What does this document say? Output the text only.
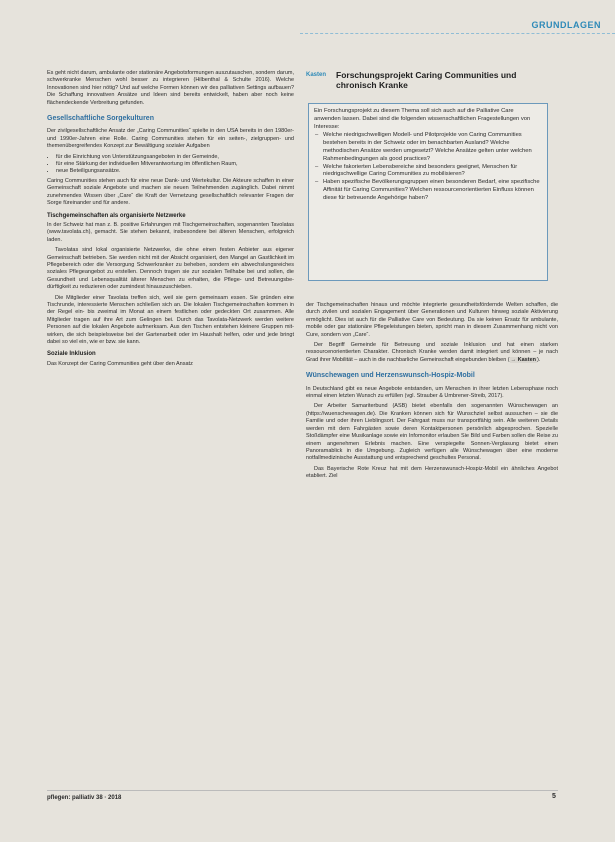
GRUNDLAGEN

Es geht nicht darum, ambulante oder stationäre Angebotsformungen auszutauschen, sondern darum, schwerkranke Menschen wohl besser zu integrieren (Hilbenthal & Schulte 2016). Welche Innovationen sind hier nötig? Und auf welche Formen können wir des palliativen Settings aufbauen? Die Schaffung innovativen Ansätze und Ideen sind bereits entwickelt, haben aber noch keine flächendeckende Verbreitung gefunden.

Gesellschaftliche Sorgekulturen

Der zivilgesellschaftliche Ansatz der „Caring Communities“ spielte in den USA bereits in den 1980er- und 1990er-Jahren eine Rolle. Caring Communities stehen für ein seiten-, zielgruppen- und themenübergreifendes Konzept zur Bewältigung sozialer Aufgaben

• für die Einrichtung von Unterstützungsangeboten in der Gemeinde,
• für eine Stärkung der individuellen Mitverantwortung im öffentlichen Raum,
• neue Beteiligungsansätze.

Caring Communities stehen auch für eine neue Dank- und Wertekultur. Die Akteure schaffen in einer Gemeinschaft soziale Angebote und machen sie neuen Teilnehmenden zugänglich. Dabei nimmt zunehmendes Wissen über „Care“ die Kraft der Vernetzung gesellschaftlich relevanter Fragen der Sorge füreinander und für andere.

Tischgemeinschaften als organisierte Netzwerke

In der Schweiz hat man z. B. positive Erfahrungen mit Tischgemeinschaften, sogenannten Tavolatas (www.tavolata.ch), gemacht. Sie stehen bekannt, insbesondere bei älteren Menschen, erfolgreich laden.

Tavolatas sind lokal organisierte Netzwerke, die ohne einen festen Anbieter aus eigener Gemeinschaft betrieben. Sie werden nicht mit der Absicht organisiert, den Mangel an Gastlichkeit im Pflegebereich oder die Versorgung Schwerkranker zu beheben, sondern ein abwechslungsreiches soziales Pflegeangebot zu erstellen. Dennoch tragen sie zur sozialen Teilhabe bei und sollen, die Gesundheit und Lebensqualität älterer Menschen zu erhalten, die Pflege- und Betreuungsbedürftigkeit zu reduzieren oder zumindest hinauszuschieben.

Die Mitglieder einer Tavolata treffen sich, weil sie gern gemeinsam essen. Sie gründen eine Tischrunde, interessierte Menschen schließen sich an. Die lokalen Tischgemeinschaften kommen in der Regel ein- bis zweimal im Monat an einem festlichen oder gedeckten Ort zusammen. Alle Mitglieder tragen auf ihre Art zum Gelingen bei. Durch das Tavolata-Netzwerk werden weitere Personen auf die lokalen Angebote aufmerksam. Aus den Tischen entstehen kleinere Gruppen mitwirken, die sich beispielsweise bei der Gartenarbeit oder im Haushalt helfen, oder und jede bringt dabei so viel ein, wie er bzw. sie kann.

Soziale Inklusion

Das Konzept der Caring Communities geht über den Ansatz

Kasten Forschungsprojekt Caring Communities und chronisch Kranke

Ein Forschungsprojekt zu diesem Thema soll sich auch auf die Palliative Care anwenden lassen. Dabei sind die folgenden wissenschaftlichen Fragestellungen von Interesse:

– Welche niedrigschwelligen Modell- und Pilotprojekte von Caring Communities bestehen bereits in der Schweiz oder im benachbarten Ausland? Welche methodischen Ansätze werden umgesetzt? Welche Ansätze gelten unter welchen Rahmenbedingungen als good practices?
– Welche fakorierten Lebensbereiche sind besonders geeignet, Menschen für niedrigschwellige Caring Communities zu mobilisieren?
– Haben spezifische Bevölkerungsgruppen einen besonderen Bedarf, eine spezifische Affinität für Caring Communities? Welchen ressourcenorientierten Einfluss können diese für betreuende Angehörige haben?

der Tischgemeinschaften hinaus und möchte integrierte gesundheitsfördernde Welten schaffen, die durch zivilen und sozialen Engagement über Generationen und Kulturen hinweg soziale Aktivierung ermöglicht. Dies ist auch für die Palliative Care von Bedeutung. Da sie keinen Ersatz für ambulante, mobile oder gar stationäre Pflegeleistungen bieten, spricht man in diesem Zusammenhang nicht von Cure, sondern von „Care“.

Der Begriff Gemeinde für Betreuung und soziale Inklusion und hat einen starken ressourcenorientierten Charakter. Chronisch Kranke werden damit integriert und können – je nach Grad ihrer Mobilität – auch in die nachbarliche Gemeinschaft eingebunden bleiben (→ Kasten).

Wünschewagen und Herzenswunsch-Hospiz-Mobil

In Deutschland gibt es neue Angebote entstanden, um Menschen in ihrer letzten Lebensphase noch einmal einen letzten Wunsch zu erfüllen (vgl. Strauber & Umbrener-Streib, 2017).

Der Arbeiter Samariterbund (ASB) bietet ebenfalls den sogenannten Wünschewagen an (https://wuenschewagen.de). Die Kranken können sich für Wunschziel selbst aussuchen – sie die Familie und oder ihren Lieblingsort. Der Fahrgast muss nur transportfähig sein. Alle weiteren Details werden mit dem Fahrgästen sowie deren Kontaktpersonen persönlich abgesprochen. Spezielle Stoßdämpfer eine Musikanlage sowie ein Infomonitor erlauben Sie Bild und Farben sollen die Reise zu einem angenehmen Erlebnis machen. Eine verspiegelte Sonnen-Verglasung bietet einen Panoramablick in die Umgebung. Zugleich verfügen alle Wünschewagen über eine moderne notfallmedizinische Ausstattung und entsprechend geschultes Personal.

Das Bayerische Rote Kreuz hat mit dem Herzenswunsch-Hospiz-Mobil ein ähnliches Angebot etabliert. Ziel

pflegen: palliativ 38 · 2018	5
